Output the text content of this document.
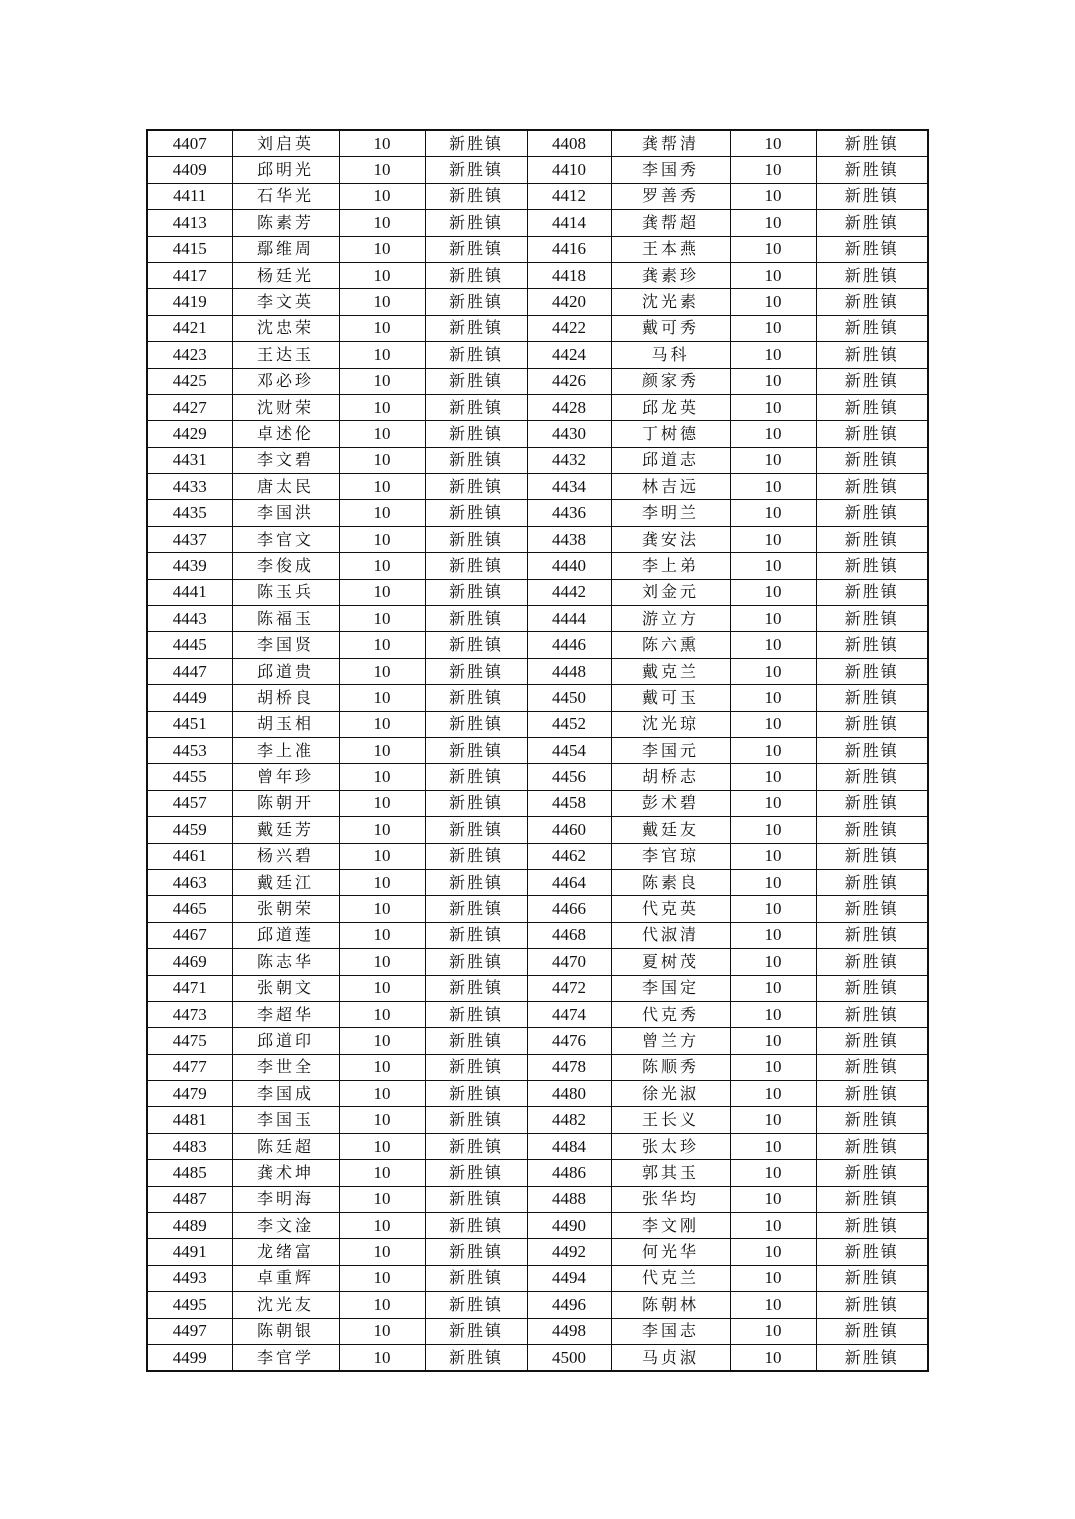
4407	刘启英	10	新胜镇	4408	龚帮清	10	新胜镇
4409	邱明光	10	新胜镇	4410	李国秀	10	新胜镇
4411	石华光	10	新胜镇	4412	罗善秀	10	新胜镇
4413	陈素芳	10	新胜镇	4414	龚帮超	10	新胜镇
4415	鄢维周	10	新胜镇	4416	王本燕	10	新胜镇
4417	杨廷光	10	新胜镇	4418	龚素珍	10	新胜镇
4419	李文英	10	新胜镇	4420	沈光素	10	新胜镇
4421	沈忠荣	10	新胜镇	4422	戴可秀	10	新胜镇
4423	王达玉	10	新胜镇	4424	马科	10	新胜镇
4425	邓必珍	10	新胜镇	4426	颜家秀	10	新胜镇
4427	沈财荣	10	新胜镇	4428	邱龙英	10	新胜镇
4429	卓述伦	10	新胜镇	4430	丁树德	10	新胜镇
4431	李文碧	10	新胜镇	4432	邱道志	10	新胜镇
4433	唐太民	10	新胜镇	4434	林吉远	10	新胜镇
4435	李国洪	10	新胜镇	4436	李明兰	10	新胜镇
4437	李官文	10	新胜镇	4438	龚安法	10	新胜镇
4439	李俊成	10	新胜镇	4440	李上弟	10	新胜镇
4441	陈玉兵	10	新胜镇	4442	刘金元	10	新胜镇
4443	陈福玉	10	新胜镇	4444	游立方	10	新胜镇
4445	李国贤	10	新胜镇	4446	陈六熏	10	新胜镇
4447	邱道贵	10	新胜镇	4448	戴克兰	10	新胜镇
4449	胡桥良	10	新胜镇	4450	戴可玉	10	新胜镇
4451	胡玉相	10	新胜镇	4452	沈光琼	10	新胜镇
4453	李上准	10	新胜镇	4454	李国元	10	新胜镇
4455	曾年珍	10	新胜镇	4456	胡桥志	10	新胜镇
4457	陈朝开	10	新胜镇	4458	彭术碧	10	新胜镇
4459	戴廷芳	10	新胜镇	4460	戴廷友	10	新胜镇
4461	杨兴碧	10	新胜镇	4462	李官琼	10	新胜镇
4463	戴廷江	10	新胜镇	4464	陈素良	10	新胜镇
4465	张朝荣	10	新胜镇	4466	代克英	10	新胜镇
4467	邱道莲	10	新胜镇	4468	代淑清	10	新胜镇
4469	陈志华	10	新胜镇	4470	夏树茂	10	新胜镇
4471	张朝文	10	新胜镇	4472	李国定	10	新胜镇
4473	李超华	10	新胜镇	4474	代克秀	10	新胜镇
4475	邱道印	10	新胜镇	4476	曾兰方	10	新胜镇
4477	李世全	10	新胜镇	4478	陈顺秀	10	新胜镇
4479	李国成	10	新胜镇	4480	徐光淑	10	新胜镇
4481	李国玉	10	新胜镇	4482	王长义	10	新胜镇
4483	陈廷超	10	新胜镇	4484	张太珍	10	新胜镇
4485	龚术坤	10	新胜镇	4486	郭其玉	10	新胜镇
4487	李明海	10	新胜镇	4488	张华均	10	新胜镇
4489	李文淦	10	新胜镇	4490	李文刚	10	新胜镇
4491	龙绪富	10	新胜镇	4492	何光华	10	新胜镇
4493	卓重辉	10	新胜镇	4494	代克兰	10	新胜镇
4495	沈光友	10	新胜镇	4496	陈朝林	10	新胜镇
4497	陈朝银	10	新胜镇	4498	李国志	10	新胜镇
4499	李官学	10	新胜镇	4500	马贞淑	10	新胜镇
